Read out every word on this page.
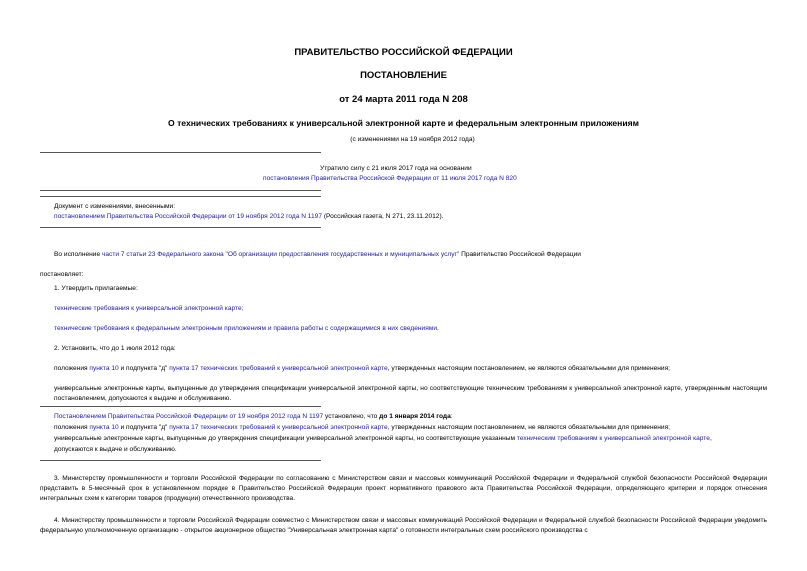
ПРАВИТЕЛЬСТВО РОССИЙСКОЙ ФЕДЕРАЦИИ
ПОСТАНОВЛЕНИЕ
от 24 марта 2011 года N 208
О технических требованиях к универсальной электронной карте и федеральным электронным приложениям
(с изменениями на 19 ноября 2012 года)
Утратило силу с 21 июля 2017 года на основании
постановления Правительства Российской Федерации от 11 июля 2017 года N 820
Документ с изменениями, внесенными:
постановлением Правительства Российской Федерации от 19 ноября 2012 года N 1197 (Российская газета, N 271, 23.11.2012).
Во исполнение части 7 статьи 23 Федерального закона "Об организации предоставления государственных и муниципальных услуг" Правительство Российской Федерации
постановляет:
1. Утвердить прилагаемые:
технические требования к универсальной электронной карте;
технические требования к федеральным электронным приложениям и правила работы с содержащимися в них сведениями.
2. Установить, что до 1 июля 2012 года:
положения пункта 10 и подпункта "д" пункта 17 технических требований к универсальной электронной карте, утвержденных настоящим постановлением, не являются обязательными для применения;
универсальные электронные карты, выпущенные до утверждения спецификации универсальной электронной карты, но соответствующие техническим требованиям к универсальной электронной карте, утвержденным настоящим постановлением, допускаются к выдаче и обслуживанию.
Постановлением Правительства Российской Федерации от 19 ноября 2012 года N 1197 установлено, что до 1 января 2014 года:
положения пункта 10 и подпункта "д" пункта 17 технических требований к универсальной электронной карте, утвержденных настоящим постановлением, не являются обязательными для применения;
универсальные электронные карты, выпущенные до утверждения спецификации универсальной электронной карты, но соответствующие указанным техническим требованиям к универсальной электронной карте,
допускаются к выдаче и обслуживанию.
3. Министерству промышленности и торговли Российской Федерации по согласованию с Министерством связи и массовых коммуникаций Российской Федерации и Федеральной службой безопасности Российской Федерации представить в 5-месячный срок в установленном порядке в Правительство Российской Федерации проект нормативного правового акта Правительства Российской Федерации, определяющего критерии и порядок отнесения интегральных схем к категории товаров (продукции) отечественного производства.
4. Министерству промышленности и торговли Российской Федерации совместно с Министерством связи и массовых коммуникаций Российской Федерации и Федеральной службой безопасности Российской Федерации уведомить федеральную уполномоченную организацию - открытое акционерное общество "Универсальная электронная карта" о готовности интегральных схем российского производства с
